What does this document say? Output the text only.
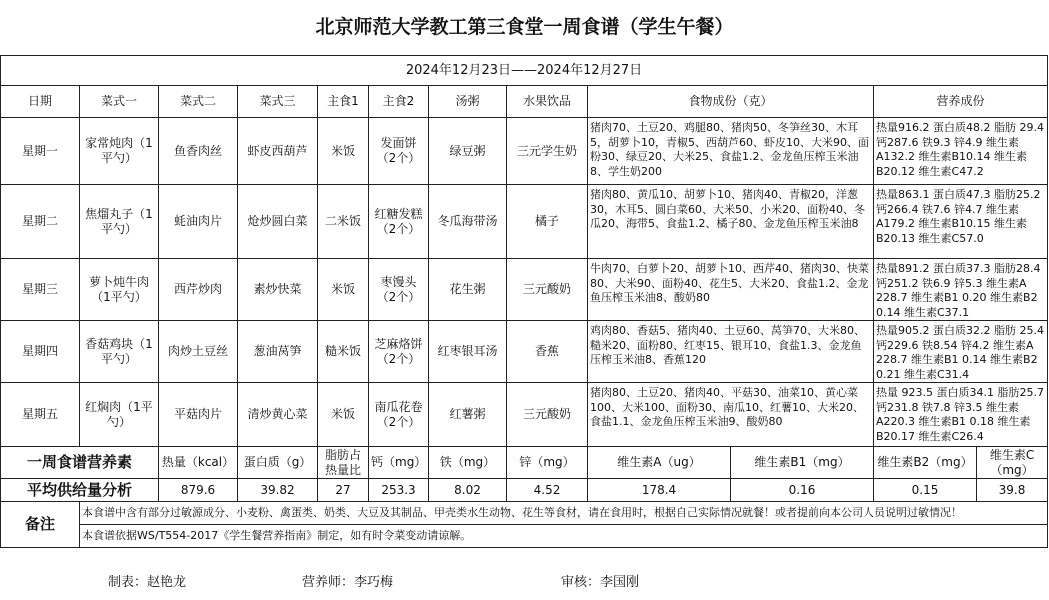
北京师范大学教工第三食堂一周食谱（学生午餐）
2024年12月23日——2024年12月27日											
日期	菜式一	菜式二	菜式三	主食1	主食2	汤粥	水果饮品	食物成份（克）		营养成份	
星期一	家常炖肉（1平勺）	鱼香肉丝	虾皮西葫芦	米饭	发面饼（2个）	绿豆粥	三元学生奶	猪肉70、土豆20、鸡腿80、猪肉50、冬笋丝30、木耳5，胡萝卜10，青椒5、西葫芦60、虾皮10、大米90、面粉30、绿豆20、大米25、食盐1.2、金龙鱼压榨玉米油8、学生奶200		热量916.2 蛋白质48.2 脂肪 29.4钙287.6 铁9.3 锌4.9 维生素A132.2 维生素B10.14 维生素B20.12 维生素C47.2	
星期二	焦熘丸子（1平勺）	蚝油肉片	炝炒圆白菜	二米饭	红糖发糕（2个）	冬瓜海带汤	橘子	猪肉80、黄瓜10、胡萝卜10、猪肉40、青椒20，洋葱30，木耳5、圆白菜60、大米50、小米20、面粉40、冬瓜20、海带5、食盐1.2、橘子80、金龙鱼压榨玉米油8		热量863.1 蛋白质47.3 脂肪25.2 钙266.4 铁7.6 锌4.7 维生素A179.2 维生素B10.15 维生素B20.13 维生素C57.0	
星期三	萝卜炖牛肉（1平勺）	西芹炒肉	素炒快菜	米饭	枣馒头（2个）	花生粥	三元酸奶	牛肉70、白萝卜20、胡萝卜10、西芹40、猪肉30、快菜80、大米90、面粉40、花生5、大米20、食盐1.2、金龙鱼压榨玉米油8、酸奶80		热量891.2 蛋白质37.3 脂肪28.4 钙251.2 铁6.9 锌5.3 维生素A 228.7 维生素B1 0.20 维生素B2 0.14 维生素C37.1	
星期四	香菇鸡块（1平勺）	肉炒土豆丝	葱油莴笋	糙米饭	芝麻烙饼（2个）	红枣银耳汤	香蕉	鸡肉80、香菇5、猪肉40、土豆60、莴笋70、大米80、糙米20、面粉80、红枣15、银耳10、食盐1.3、金龙鱼压榨玉米油8、香蕉120		热量905.2 蛋白质32.2 脂肪 25.4 钙229.6 铁8.54 锌4.2 维生素A 228.7 维生素B1 0.14 维生素B2 0.21 维生素C31.4	
星期五	红焖肉（1平勺）	平菇肉片	清炒黄心菜	米饭	南瓜花卷（2个）	红薯粥	三元酸奶	猪肉80、土豆20、猪肉40、平菇30、油菜10、黄心菜100、大米100、面粉30、南瓜10、红薯10、大米20、食盐1.1、金龙鱼压榨玉米油9、酸奶80		热量 923.5 蛋白质34.1 脂肪25.7钙231.8 铁7.8 锌3.5 维生素A220.3 维生素B1 0.18 维生素B20.17 维生素C26.4	
一周食谱营养素		热量（kcal）	蛋白质（g）	脂肪占热量比	钙（mg）	铁（mg）	锌（mg）	维生素A（ug）	维生素B1（mg）	维生素B2（mg）	维生素C（mg）
平均供给量分析		879.6	39.82	27	253.3	8.02	4.52	178.4	0.16	0.15	39.8
备注	本食谱中含有部分过敏源成分、小麦粉、禽蛋类、奶类、大豆及其制品、甲壳类水生动物、花生等食材，请在食用时，根据自己实际情况就餐！或者提前向本公司人员说明过敏情况！										
	本食谱依据WS/T554-2017《学生餐营养指南》制定，如有时令菜变动请谅解。										
制表：赵艳龙	营养师：李巧梅	审核：李国刚
